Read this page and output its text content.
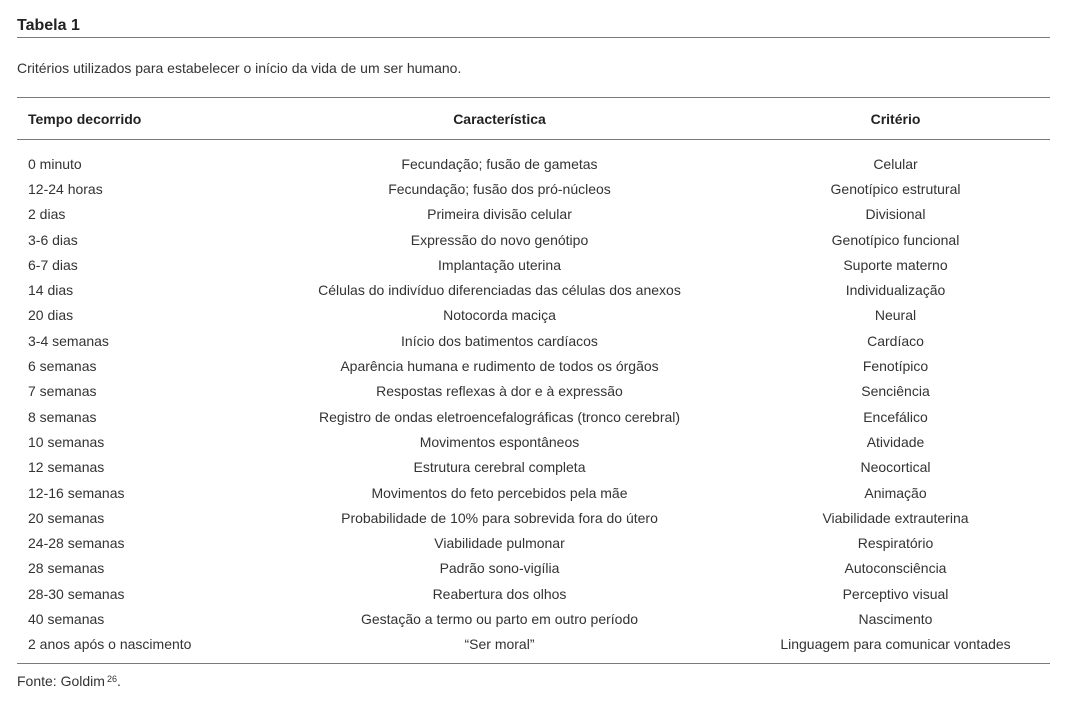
Tabela 1
Critérios utilizados para estabelecer o início da vida de um ser humano.
Tempo decorrido	Característica	Critério
0 minuto	Fecundação; fusão de gametas	Celular
12-24 horas	Fecundação; fusão dos pró-núcleos	Genotípico estrutural
2 dias	Primeira divisão celular	Divisional
3-6 dias	Expressão do novo genótipo	Genotípico funcional
6-7 dias	Implantação uterina	Suporte materno
14 dias	Células do indivíduo diferenciadas das células dos anexos	Individualização
20 dias	Notocorda maciça	Neural
3-4 semanas	Início dos batimentos cardíacos	Cardíaco
6 semanas	Aparência humana e rudimento de todos os órgãos	Fenotípico
7 semanas	Respostas reflexas à dor e à expressão	Senciência
8 semanas	Registro de ondas eletroencefalográficas (tronco cerebral)	Encefálico
10 semanas	Movimentos espontâneos	Atividade
12 semanas	Estrutura cerebral completa	Neocortical
12-16 semanas	Movimentos do feto percebidos pela mãe	Animação
20 semanas	Probabilidade de 10% para sobrevida fora do útero	Viabilidade extrauterina
24-28 semanas	Viabilidade pulmonar	Respiratório
28 semanas	Padrão sono-vigília	Autoconsciência
28-30 semanas	Reabertura dos olhos	Perceptivo visual
40 semanas	Gestação a termo ou parto em outro período	Nascimento
2 anos após o nascimento	“Ser moral”	Linguagem para comunicar vontades
Fonte: Goldim $^{26}$.
